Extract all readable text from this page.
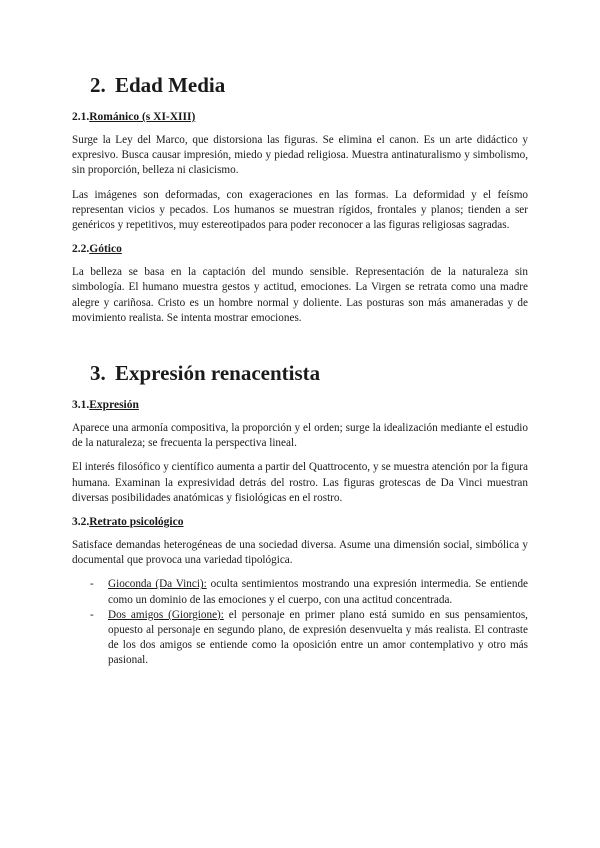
2. Edad Media
2.1.Románico (s XI-XIII)

Surge la Ley del Marco, que distorsiona las figuras. Se elimina el canon. Es un arte didáctico y expresivo. Busca causar impresión, miedo y piedad religiosa. Muestra antinaturalismo y simbolismo, sin proporción, belleza ni clasicismo.

Las imágenes son deformadas, con exageraciones en las formas. La deformidad y el feísmo representan vicios y pecados. Los humanos se muestran rígidos, frontales y planos; tienden a ser genéricos y repetitivos, muy estereotipados para poder reconocer a las figuras religiosas sagradas.

2.2.Gótico

La belleza se basa en la captación del mundo sensible. Representación de la naturaleza sin simbología. El humano muestra gestos y actitud, emociones. La Virgen se retrata como una madre alegre y cariñosa. Cristo es un hombre normal y doliente. Las posturas son más amaneradas y de movimiento realista. Se intenta mostrar emociones.

3. Expresión renacentista
3.1.Expresión

Aparece una armonía compositiva, la proporción y el orden; surge la idealización mediante el estudio de la naturaleza; se frecuenta la perspectiva lineal.

El interés filosófico y científico aumenta a partir del Quattrocento, y se muestra atención por la figura humana. Examinan la expresividad detrás del rostro. Las figuras grotescas de Da Vinci muestran diversas posibilidades anatómicas y fisiológicas en el rostro.

3.2.Retrato psicológico

Satisface demandas heterogéneas de una sociedad diversa. Asume una dimensión social, simbólica y documental que provoca una variedad tipológica.

- Gioconda (Da Vinci): oculta sentimientos mostrando una expresión intermedia. Se entiende como un dominio de las emociones y el cuerpo, con una actitud concentrada.
- Dos amigos (Giorgione): el personaje en primer plano está sumido en sus pensamientos, opuesto al personaje en segundo plano, de expresión desenvuelta y más realista. El contraste de los dos amigos se entiende como la oposición entre un amor contemplativo y otro más pasional.
